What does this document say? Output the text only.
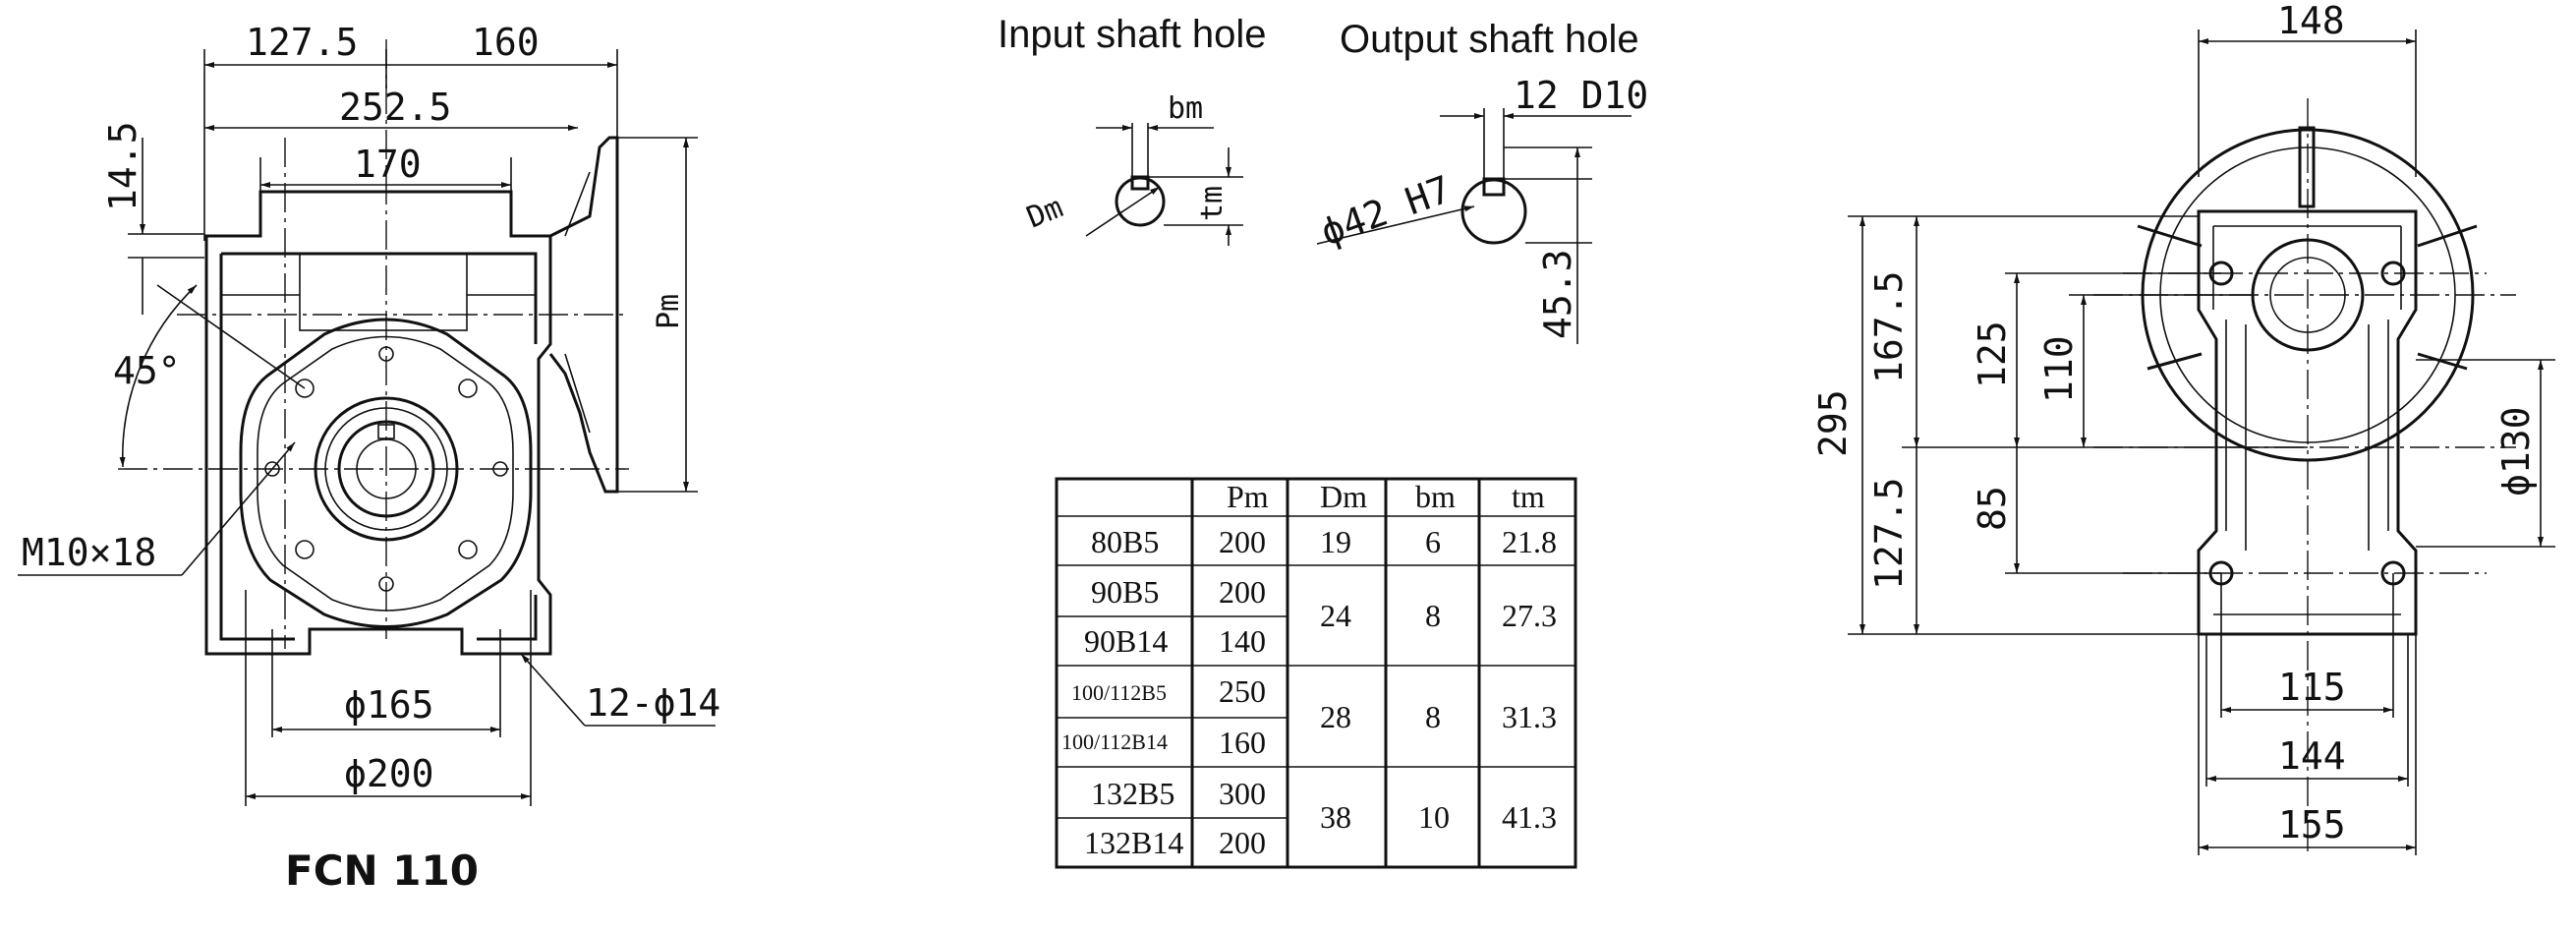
127.5	160
252.5
170
14.5
45°
M10×18
12-ϕ14
ϕ165
ϕ200
Pm
FCN 110
Input shaft hole Output shaft hole
bm
Dm	tm
12 D10
ϕ42 H7
45.3
Pm Dm bm tm
80B5 200 19 6 21.8
90B5 200
24 8 27.3
90B14 140
100/112B5 250
28 8 31.3
100/112B14 160
132B5 300
38 10 41.3
132B14 200
148
295
167.5
127.5
125 110
85
ϕ130
115
144
155
